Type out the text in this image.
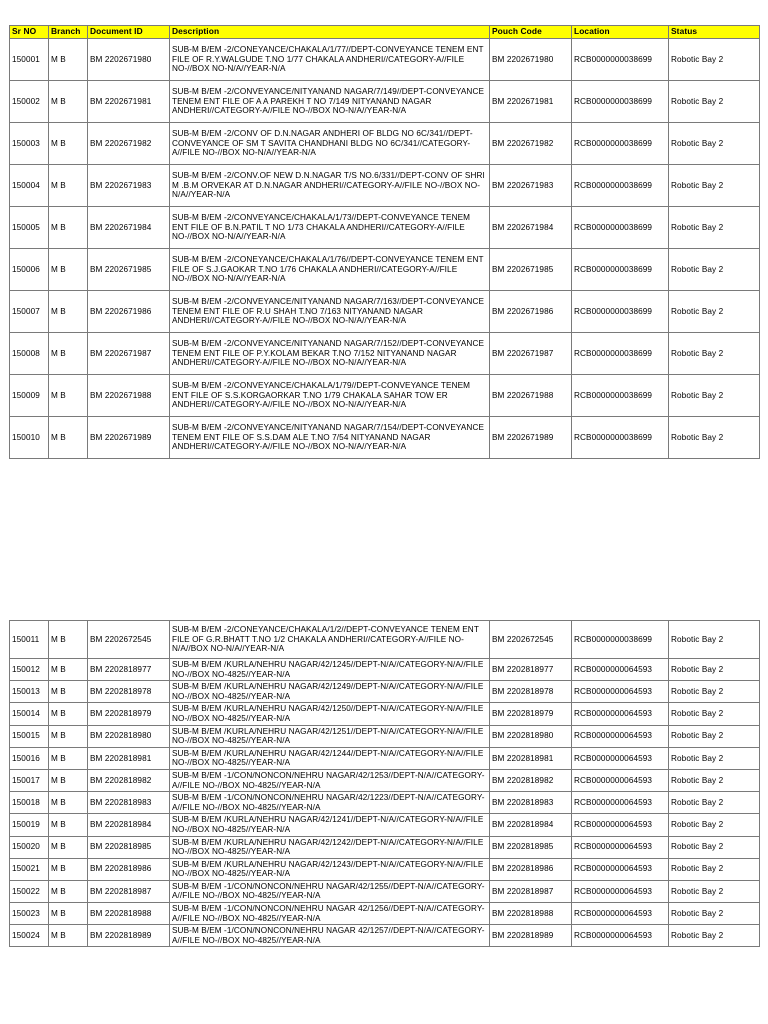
Sr NO	Branch	Document ID	Description	Pouch Code	Location	Status
150001	M B	BM 2202671980	SUB-M B/EM -2/CONEYANCE/CHAKALA/1/77//DEPT-CONVEYANCE TENEM ENT FILE OF R.Y.WALGUDE T.NO 1/77 CHAKALA ANDHERI//CATEGORY-A//FILE NO-//BOX NO-N/A//YEAR-N/A	BM 2202671980	RCB0000000038699	Robotic Bay 2
150002	M B	BM 2202671981	SUB-M B/EM -2/CONVEYANCE/NITYANAND NAGAR/7/149//DEPT-CONVEYANCE TENEM ENT FILE OF A A PAREKH T NO 7/149 NITYANAND NAGAR ANDHERI//CATEGORY-A//FILE NO-//BOX NO-N/A//YEAR-N/A	BM 2202671981	RCB0000000038699	Robotic Bay 2
150003	M B	BM 2202671982	SUB-M B/EM -2/CONV OF D.N.NAGAR ANDHERI OF BLDG NO 6C/341//DEPT-CONVEYANCE OF SM T SAVITA CHANDHANI BLDG NO 6C/341//CATEGORY-A//FILE NO-//BOX NO-N/A//YEAR-N/A	BM 2202671982	RCB0000000038699	Robotic Bay 2
150004	M B	BM 2202671983	SUB-M B/EM -2/CONV.OF NEW D.N.NAGAR T/S NO.6/331//DEPT-CONV OF SHRI M .B.M ORVEKAR AT D.N.NAGAR ANDHERI//CATEGORY-A//FILE NO-//BOX NO-N/A//YEAR-N/A	BM 2202671983	RCB0000000038699	Robotic Bay 2
150005	M B	BM 2202671984	SUB-M B/EM -2/CONVEYANCE/CHAKALA/1/73//DEPT-CONVEYANCE TENEM ENT FILE OF B.N.PATIL T NO 1/73 CHAKALA ANDHERI//CATEGORY-A//FILE NO-//BOX NO-N/A//YEAR-N/A	BM 2202671984	RCB0000000038699	Robotic Bay 2
150006	M B	BM 2202671985	SUB-M B/EM -2/CONEYANCE/CHAKALA/1/76//DEPT-CONVEYANCE TENEM ENT FILE OF S.J.GAOKAR T.NO 1/76 CHAKALA ANDHERI//CATEGORY-A//FILE NO-//BOX NO-N/A//YEAR-N/A	BM 2202671985	RCB0000000038699	Robotic Bay 2
150007	M B	BM 2202671986	SUB-M B/EM -2/CONVEYANCE/NITYANAND NAGAR/7/163//DEPT-CONVEYANCE TENEM ENT FILE OF R.U SHAH T.NO 7/163 NITYANAND NAGAR ANDHERI//CATEGORY-A//FILE NO-//BOX NO-N/A//YEAR-N/A	BM 2202671986	RCB0000000038699	Robotic Bay 2
150008	M B	BM 2202671987	SUB-M B/EM -2/CONVEYANCE/NITYANAND NAGAR/7/152//DEPT-CONVEYANCE TENEM ENT FILE OF P.Y.KOLAM BEKAR T.NO 7/152 NITYANAND NAGAR ANDHERI//CATEGORY-A//FILE NO-//BOX NO-N/A//YEAR-N/A	BM 2202671987	RCB0000000038699	Robotic Bay 2
150009	M B	BM 2202671988	SUB-M B/EM -2/CONVEYANCE/CHAKALA/1/79//DEPT-CONVEYANCE TENEM ENT FILE OF S.S.KORGAORKAR T.NO 1/79 CHAKALA SAHAR TOW ER ANDHERI//CATEGORY-A//FILE NO-//BOX NO-N/A//YEAR-N/A	BM 2202671988	RCB0000000038699	Robotic Bay 2
150010	M B	BM 2202671989	SUB-M B/EM -2/CONVEYANCE/NITYANAND NAGAR/7/154//DEPT-CONVEYANCE TENEM ENT FILE OF S.S.DAM ALE T.NO 7/54 NITYANAND NAGAR ANDHERI//CATEGORY-A//FILE NO-//BOX NO-N/A//YEAR-N/A	BM 2202671989	RCB0000000038699	Robotic Bay 2
150011	M B	BM 2202672545	SUB-M B/EM -2/CONEYANCE/CHAKALA/1/2//DEPT-CONVEYANCE TENEM ENT FILE OF G.R.BHATT T.NO 1/2 CHAKALA ANDHERI//CATEGORY-A//FILE NO-N/A//BOX NO-N/A//YEAR-N/A	BM 2202672545	RCB0000000038699	Robotic Bay 2
150012	M B	BM 2202818977	SUB-M B/EM /KURLA/NEHRU NAGAR/42/1245//DEPT-N/A//CATEGORY-N/A//FILE NO-//BOX NO-4825//YEAR-N/A	BM 2202818977	RCB0000000064593	Robotic Bay 2
150013	M B	BM 2202818978	SUB-M B/EM /KURLA/NEHRU NAGAR/42/1249//DEPT-N/A//CATEGORY-N/A//FILE NO-//BOX NO-4825//YEAR-N/A	BM 2202818978	RCB0000000064593	Robotic Bay 2
150014	M B	BM 2202818979	SUB-M B/EM /KURLA/NEHRU NAGAR/42/1250//DEPT-N/A//CATEGORY-N/A//FILE NO-//BOX NO-4825//YEAR-N/A	BM 2202818979	RCB0000000064593	Robotic Bay 2
150015	M B	BM 2202818980	SUB-M B/EM /KURLA/NEHRU NAGAR/42/1251//DEPT-N/A//CATEGORY-N/A//FILE NO-//BOX NO-4825//YEAR-N/A	BM 2202818980	RCB0000000064593	Robotic Bay 2
150016	M B	BM 2202818981	SUB-M B/EM /KURLA/NEHRU NAGAR/42/1244//DEPT-N/A//CATEGORY-N/A//FILE NO-//BOX NO-4825//YEAR-N/A	BM 2202818981	RCB0000000064593	Robotic Bay 2
150017	M B	BM 2202818982	SUB-M B/EM -1/CON/NONCON/NEHRU NAGAR/42/1253//DEPT-N/A//CATEGORY-A//FILE NO-//BOX NO-4825//YEAR-N/A	BM 2202818982	RCB0000000064593	Robotic Bay 2
150018	M B	BM 2202818983	SUB-M B/EM -1/CON/NONCON/NEHRU NAGAR/42/1223//DEPT-N/A//CATEGORY-A//FILE NO-//BOX NO-4825//YEAR-N/A	BM 2202818983	RCB0000000064593	Robotic Bay 2
150019	M B	BM 2202818984	SUB-M B/EM /KURLA/NEHRU NAGAR/42/1241//DEPT-N/A//CATEGORY-N/A//FILE NO-//BOX NO-4825//YEAR-N/A	BM 2202818984	RCB0000000064593	Robotic Bay 2
150020	M B	BM 2202818985	SUB-M B/EM /KURLA/NEHRU NAGAR/42/1242//DEPT-N/A//CATEGORY-N/A//FILE NO-//BOX NO-4825//YEAR-N/A	BM 2202818985	RCB0000000064593	Robotic Bay 2
150021	M B	BM 2202818986	SUB-M B/EM /KURLA/NEHRU NAGAR/42/1243//DEPT-N/A//CATEGORY-N/A//FILE NO-//BOX NO-4825//YEAR-N/A	BM 2202818986	RCB0000000064593	Robotic Bay 2
150022	M B	BM 2202818987	SUB-M B/EM -1/CON/NONCON/NEHRU NAGAR/42/1255//DEPT-N/A//CATEGORY-A//FILE NO-//BOX NO-4825//YEAR-N/A	BM 2202818987	RCB0000000064593	Robotic Bay 2
150023	M B	BM 2202818988	SUB-M B/EM -1/CON/NONCON/NEHRU NAGAR 42/1256//DEPT-N/A//CATEGORY-A//FILE NO-//BOX NO-4825//YEAR-N/A	BM 2202818988	RCB0000000064593	Robotic Bay 2
150024	M B	BM 2202818989	SUB-M B/EM -1/CON/NONCON/NEHRU NAGAR 42/1257//DEPT-N/A//CATEGORY-A//FILE NO-//BOX NO-4825//YEAR-N/A	BM 2202818989	RCB0000000064593	Robotic Bay 2
